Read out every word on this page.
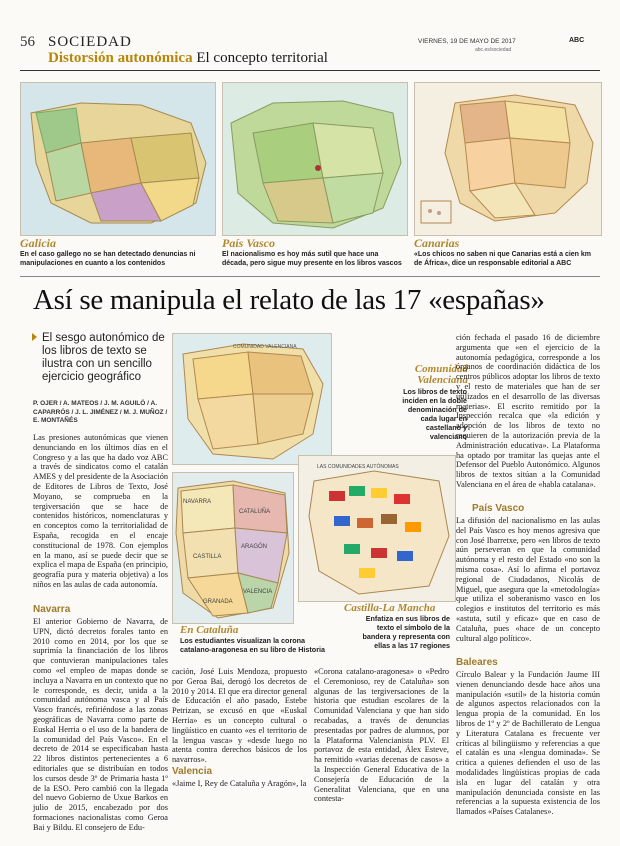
56 SOCIEDAD
Distorsión autonómica El concepto territorial
VIERNES, 19 DE MAYO DE 2017	ABC
abc.es/sociedad
Galicia
En el caso gallego no se han detectado denuncias ni manipulaciones en cuanto a los contenidos
País Vasco
El nacionalismo es hoy más sutil que hace una década, pero sigue muy presente en los libros vascos
Canarias
«Los chicos no saben ni que Canarias está a cien km de África», dice un responsable editorial a ABC
Así se manipula el relato de las 17 «españas»
El sesgo autonómico de los libros de texto se ilustra con un sencillo ejercicio geográfico
P. OJER / A. MATEOS / J. M. AGUILÓ / A. CAPARRÓS / J. L. JIMÉNEZ / M. J. MUÑOZ / E. MONTAÑÉS
Las presiones autonómicas que vienen denunciando en los últimos días en el Congreso y a las que ha dado voz ABC a través de sindicatos como el catalán AMES y del presidente de la Asociación de Editores de Libros de Texto, José Moyano, se comprueba en la tergiversación que se hace de contenidos históricos, nomenclaturas y en conceptos como la territorialidad de España, recogida en el encaje constitucional de 1978. Con ejemplos en la mano, así se puede decir que se explica el mapa de España (en principio, geografía pura y materia objetiva) a los niños en las aulas de cada autonomía.
Navarra
El anterior Gobierno de Navarra, de UPN, dictó decretos forales tanto en 2010 como en 2014, por los que se suprimía la financiación de los libros que contuvieran manipulaciones tales como «el empleo de mapas donde se incluya a Navarra en un contexto que no le corresponde, es decir, unida a la comunidad autónoma vasca y al País Vasco francés, refiriéndose a las zonas geográficas de Navarra como parte de Euskal Herria o el uso de la bandera de la comunidad del País Vasco». En el decreto de 2014 se especificaban hasta 22 libros distintos pertenecientes a 6 editoriales que se distribuían en todos los cursos desde 3º de Primaria hasta 1º de la ESO. Pero cambió con la llegada del nuevo Gobierno de Uxue Barkos en julio de 2015, encabezado por dos formaciones nacionalistas como Geroa Bai y Bildu. El consejero de Edu-
COMUNIDAD VALENCIANA
Comunidad Valenciana
Los libros de texto inciden en la doble denominación de cada lugar en castellano y valenciano
NAVARRA
CATALUÑA
ARAGÓN
CASTILLA
VALENCIA
GRANADA
En Cataluña
Los estudiantes visualizan la corona catalano-aragonesa en su libro de Historia
LAS COMUNIDADES AUTÓNOMAS
Castilla-La Mancha
Enfatiza en sus libros de texto el símbolo de la bandera y representa con ellas a las 17 regiones
cación, José Luis Mendoza, propuesto por Geroa Bai, derogó los decretos de 2010 y 2014. El que era director general de Educación el año pasado, Estebe Petrizan, se excusó en que «Euskal Herria» es un concepto cultural o lingüístico en cuanto «es el territorio de la lengua vasca» y «desde luego no atenta contra derechos básicos de los navarros».
Valencia
«Jaime I, Rey de Cataluña y Aragón», la
«Corona catalano-aragonesa» o «Pedro el Ceremonioso, rey de Cataluña» son algunas de las tergiversaciones de la historia que estudian escolares de la Comunidad Valenciana y que han sido recabadas, a través de denuncias presentadas por padres de alumnos, por la Plataforma Valencianista PLV. El portavoz de esta entidad, Álex Esteve, ha remitido «varias decenas de casos» a la Inspección General Educativa de la Consejería de Educación de la Generalitat Valenciana, que en una contesta-
ción fechada el pasado 16 de diciembre argumenta que «en el ejercicio de la autonomía pedagógica, corresponde a los órganos de coordinación didáctica de los centros públicos adoptar los libros de texto y el resto de materiales que han de ser utilizados en el desarrollo de las diversas materias». El escrito remitido por la Inspección recalca que «la edición y adopción de los libros de texto no requieren de la autorización previa de la Administración educativa». La Plataforma ha optado por tramitar las quejas ante el Defensor del Pueblo Autonómico. Algunos libros de textos sitúan a la Comunidad Valenciana en el área de «habla catalana».
País Vasco
La difusión del nacionalismo en las aulas del País Vasco es hoy menos agresiva que con José Ibarretxe, pero «en libros de texto aún perseveran en que la comunidad autónoma y el resto del Estado «no son la misma cosa». Así lo afirma el portavoz regional de Ciudadanos, Nicolás de Miguel, que asegura que la «metodología» que utiliza el soberanismo vasco en los colegios e institutos del territorio es más «astuta, sutil y eficaz» que en caso de Cataluña, pues «hace de un concepto cultural algo político».
Baleares
Círculo Balear y la Fundación Jaume III vienen denunciando desde hace años una manipulación «sutil» de la historia común de algunos aspectos relacionados con la lengua propia de la comunidad. En los libros de 1º y 2º de Bachillerato de Lengua y Literatura Catalana es frecuente ver críticas al bilingüismo y referencias a que el catalán es una «lengua dominada». Se critica a quienes defienden el uso de las modalidades lingüísticas propias de cada isla en lugar del catalán y otra manipulación denunciada consiste en las referencias a la supuesta existencia de los llamados «Países Catalanes».
